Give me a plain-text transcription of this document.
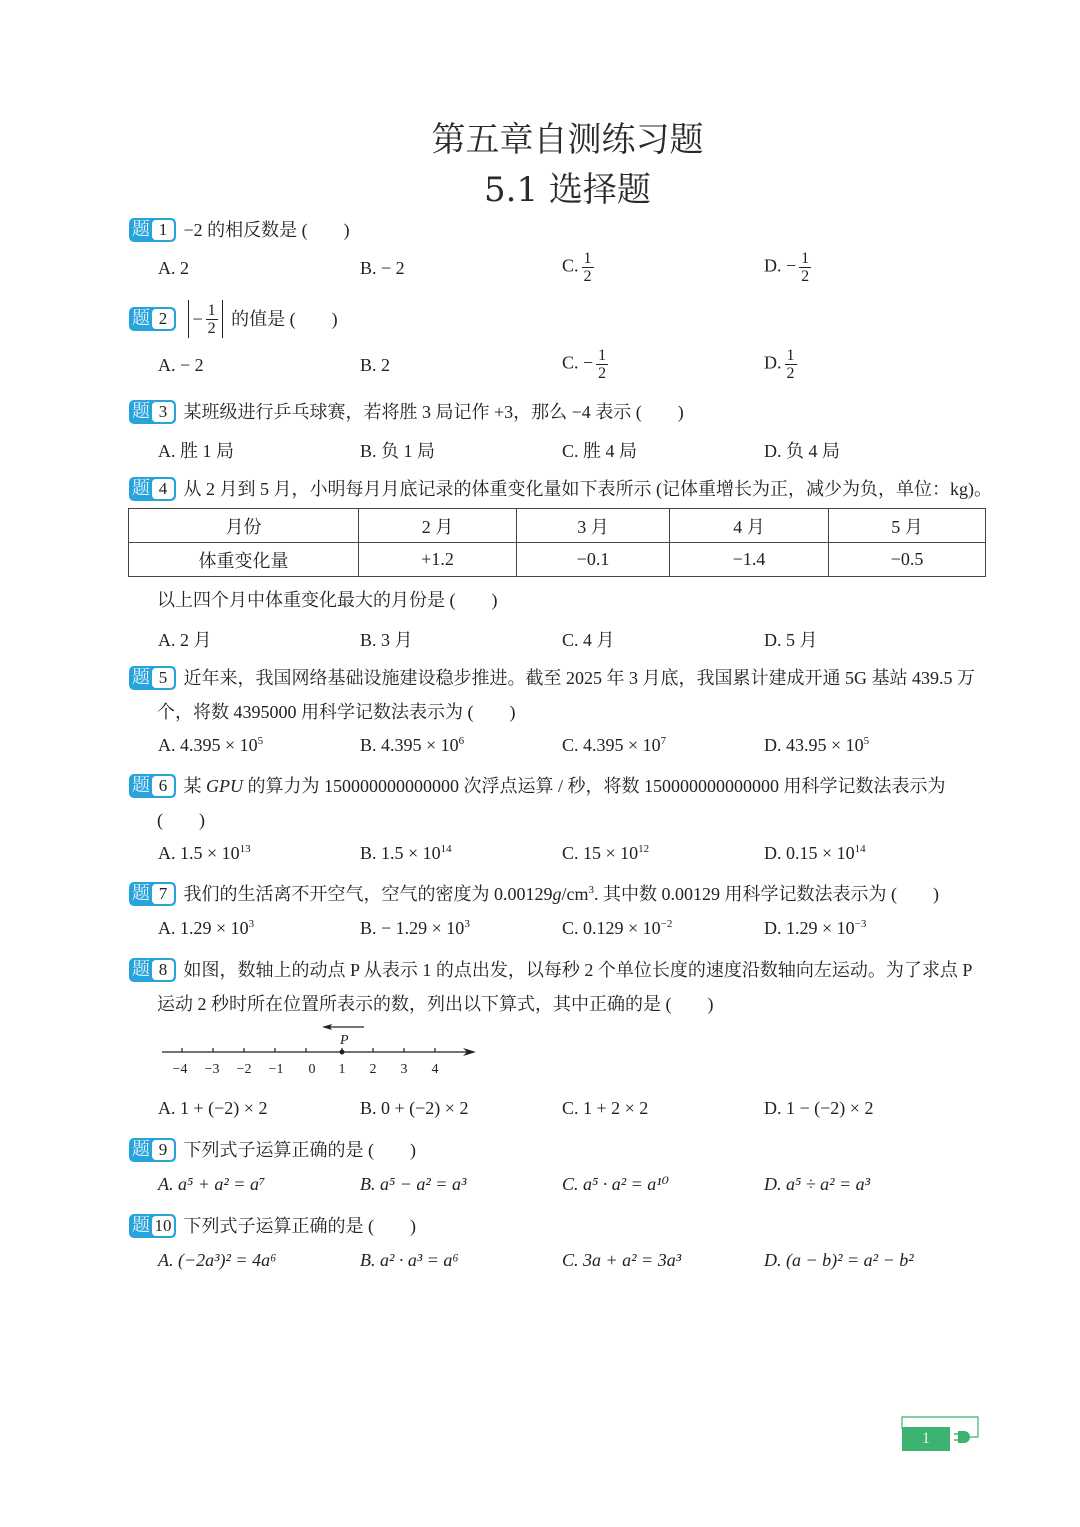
第五章自测练习题
5.1 选择题
题 1 −2 的相反数是 (　　)
A. 2	B. − 2	C. $\frac{1}{2}$	D. − $\frac{1}{2}$
题 2	− $\frac{1}{2}$ 的值是 (　　)
A. − 2	B. 2	C. − $\frac{1}{2}$	D. $\frac{1}{2}$
题 3 某班级进行乒乓球赛，若将胜 3 局记作 +3，那么 −4 表示 (　　)
A. 胜 1 局	B. 负 1 局	C. 胜 4 局	D. 负 4 局
题 4 从 2 月到 5 月，小明每月月底记录的体重变化量如下表所示 (记体重增长为正，减少为负，单位：kg)。
月份	2 月	3 月	4 月	5 月
体重变化量	+1.2	−0.1	−1.4	−0.5
以上四个月中体重变化最大的月份是 (　　)
A. 2 月	B. 3 月	C. 4 月	D. 5 月
题 5 近年来，我国网络基础设施建设稳步推进。截至 2025 年 3 月底，我国累计建成开通 5G 基站 439.5 万
个，将数 4395000 用科学记数法表示为 (　　)
A. $4.395 \times 10^5$	B. $4.395 \times 10^6$	C. $4.395 \times 10^7$	D. $43.95 \times 10^5$
题 6 某 GPU 的算力为 150000000000000 次浮点运算 / 秒，将数 150000000000000 用科学记数法表示为
(　　)
A. $1.5 \times 10^{13}$	B. $1.5 \times 10^{14}$	C. $15 \times 10^{12}$	D. $0.15 \times 10^{14}$
题 7 我们的生活离不开空气，空气的密度为 $0.00129g/cm^3$. 其中数 0.00129 用科学记数法表示为 (　　)
A. $1.29 \times 10^3$	B. − $1.29 \times 10^3$	C. $0.129 \times 10^{-2}$	D. $1.29 \times 10^{-3}$
题 8 如图，数轴上的动点 P 从表示 1 的点出发，以每秒 2 个单位长度的速度沿数轴向左运动。为了求点 P
运动 2 秒时所在位置所表示的数，列出以下算式，其中正确的是 (　　)
P
−4 −3 −2 −1 0 1 2 3 4
A. 1 + (−2) × 2	B. 0 + (−2) × 2	C. 1 + 2 × 2	D. 1 − (−2) × 2
题 9 下列式子运算正确的是 (　　)
A. a⁵ + a² = a⁷	B. a⁵ − a² = a³	C. a⁵ · a² = a¹⁰	D. a⁵ ÷ a² = a³
题 10 下列式子运算正确的是 (　　)
A. (−2a³)² = 4a⁶	B. a² · a³ = a⁶	C. 3a + a² = 3a³	D. (a − b)² = a² − b²
1
